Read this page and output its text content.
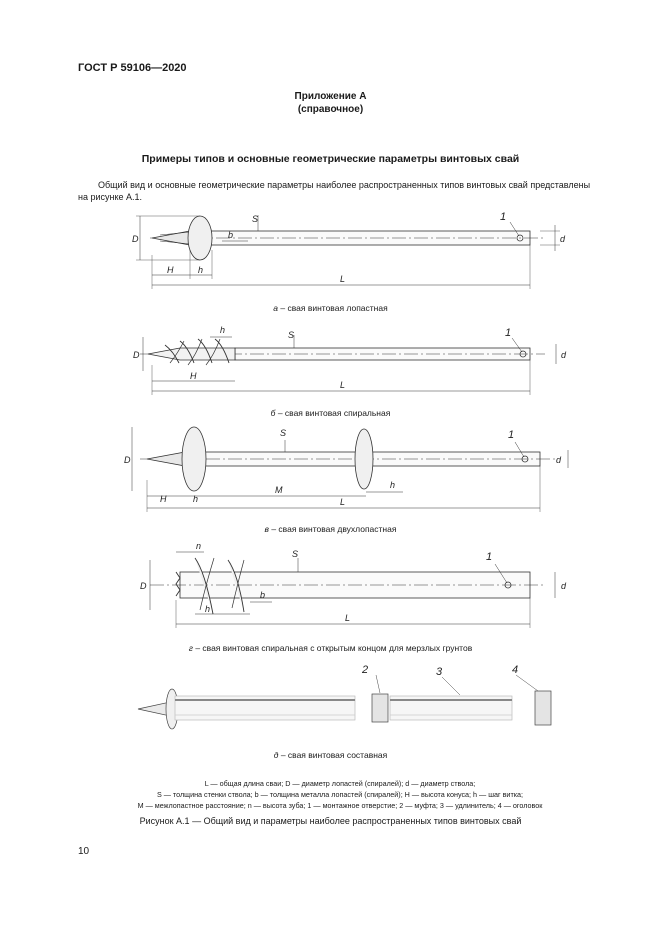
ГОСТ Р 59106—2020
Приложение А
(справочное)
Примеры типов и основные геометрические параметры винтовых свай
Общий вид и основные геометрические параметры наиболее распространенных типов винтовых свай представлены на рисунке А.1.
D	d
H	h
L
S
b
1
а – свая винтовая лопастная
D	d
H
h
L
S	1
б – свая винтовая спиральная
D	d
H	h
M	h
L
S	1
в – свая винтовая двухлопастная
D	d
n
h
b
L
S	1
г – свая винтовая спиральная с открытым концом для мерзлых грунтов
2	3	4
д – свая винтовая составная
L — общая длина сваи; D — диаметр лопастей (спиралей); d — диаметр ствола;
S — толщина стенки ствола; b — толщина металла лопастей (спиралей); H — высота конуса; h — шаг витка;
M — межлопастное расстояние; n — высота зуба; 1 — монтажное отверстие; 2 — муфта; 3 — удлинитель; 4 — оголовок
Рисунок А.1 — Общий вид и параметры наиболее распространенных типов винтовых свай
10
